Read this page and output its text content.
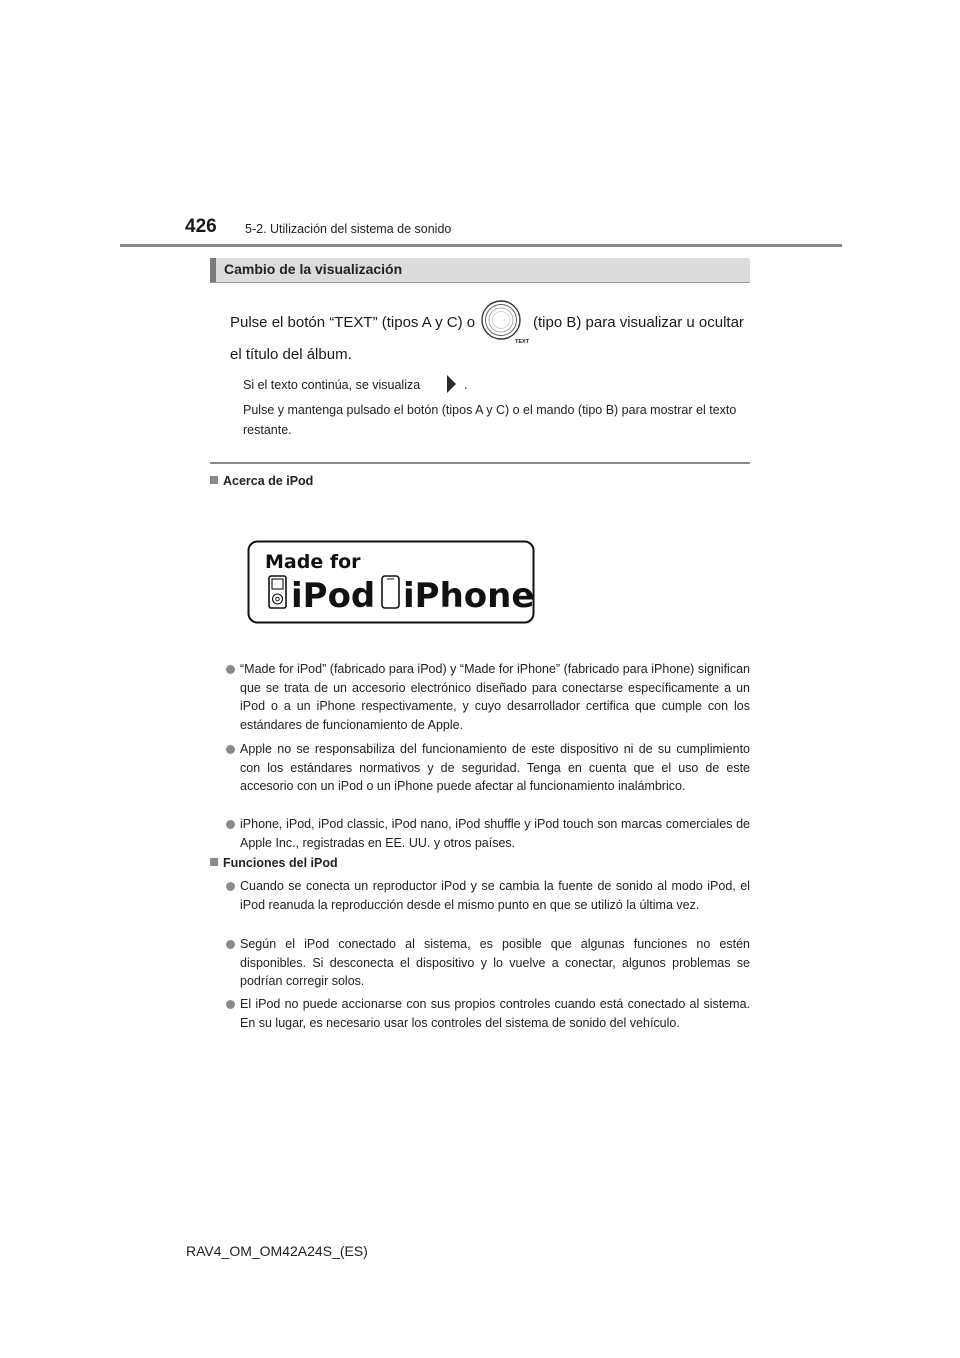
426 5-2. Utilización del sistema de sonido
Cambio de la visualización
Pulse el botón “TEXT” (tipos A y C) o
TEXT
(tipo B) para visualizar u ocultar
el título del álbum.
Si el texto continúa, se visualiza	.
Pulse y mantenga pulsado el botón (tipos A y C) o el mando (tipo B) para mostrar el texto restante.
Acerca de iPod
Made for
iPod iPhone
“Made for iPod” (fabricado para iPod) y “Made for iPhone” (fabricado para iPhone) significan que se trata de un accesorio electrónico diseñado para conectarse específicamente a un iPod o a un iPhone respectivamente, y cuyo desarrollador certifica que cumple con los estándares de funcionamiento de Apple.
Apple no se responsabiliza del funcionamiento de este dispositivo ni de su cumplimiento con los estándares normativos y de seguridad. Tenga en cuenta que el uso de este accesorio con un iPod o un iPhone puede afectar al funcionamiento inalámbrico.
iPhone, iPod, iPod classic, iPod nano, iPod shuffle y iPod touch son marcas comerciales de Apple Inc., registradas en EE. UU. y otros países.
Funciones del iPod
Cuando se conecta un reproductor iPod y se cambia la fuente de sonido al modo iPod, el iPod reanuda la reproducción desde el mismo punto en que se utilizó la última vez.
Según el iPod conectado al sistema, es posible que algunas funciones no estén disponibles. Si desconecta el dispositivo y lo vuelve a conectar, algunos problemas se podrían corregir solos.
El iPod no puede accionarse con sus propios controles cuando está conectado al sistema. En su lugar, es necesario usar los controles del sistema de sonido del vehículo.
RAV4_OM_OM42A24S_(ES)
